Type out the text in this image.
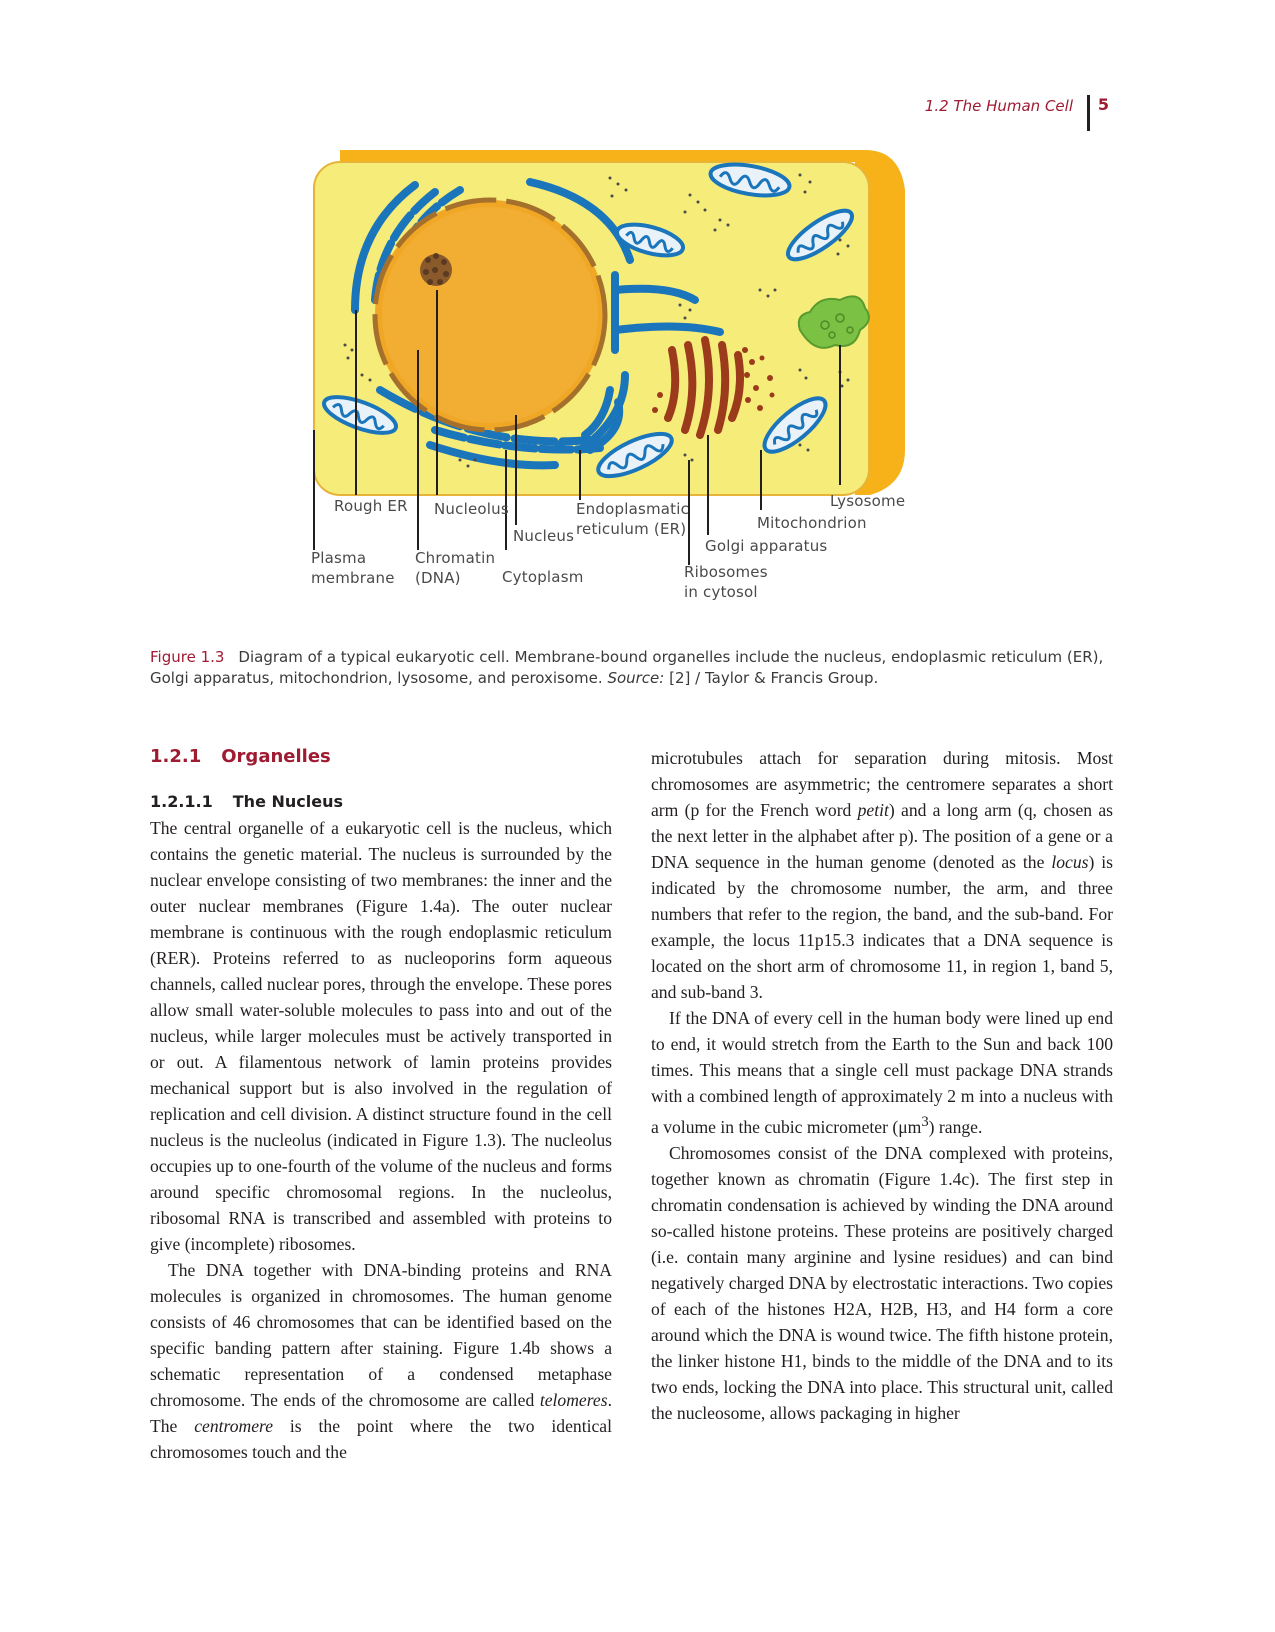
1.2 The Human Cell 5
Rough ER Nucleolus
Nucleus
Endoplasmatic
reticulum (ER)
Lysosome
Mitochondrion
Golgi apparatus
Plasma
membrane
Chromatin
(DNA)	Cytoplasm	Ribosomes
in cytosol
Figure 1.3 Diagram of a typical eukaryotic cell. Membrane-bound organelles include the nucleus, endoplasmic reticulum (ER), Golgi apparatus, mitochondrion, lysosome, and peroxisome. Source: [2] / Taylor & Francis Group.
1.2.1 Organelles
1.2.1.1 The Nucleus

The central organelle of a eukaryotic cell is the nucleus, which contains the genetic material. The nucleus is surrounded by the nuclear envelope consisting of two membranes: the inner and the outer nuclear membranes (Figure 1.4a). The outer nuclear membrane is continuous with the rough endoplasmic reticulum (RER). Proteins referred to as nucleoporins form aqueous channels, called nuclear pores, through the envelope. These pores allow small water-soluble molecules to pass into and out of the nucleus, while larger molecules must be actively transported in or out. A filamentous network of lamin proteins provides mechanical support but is also involved in the regulation of replication and cell division. A distinct structure found in the cell nucleus is the nucleolus (indicated in Figure 1.3). The nucleolus occupies up to one-fourth of the volume of the nucleus and forms around specific chromosomal regions. In the nucleolus, ribosomal RNA is transcribed and assembled with proteins to give (incomplete) ribosomes.

The DNA together with DNA-binding proteins and RNA molecules is organized in chromosomes. The human genome consists of 46 chromosomes that can be identified based on the specific banding pattern after staining. Figure 1.4b shows a schematic representation of a condensed metaphase chromosome. The ends of the chromosome are called telomeres. The centromere is the point where the two identical chromosomes touch and the

microtubules attach for separation during mitosis. Most chromosomes are asymmetric; the centromere separates a short arm (p for the French word petit) and a long arm (q, chosen as the next letter in the alphabet after p). The position of a gene or a DNA sequence in the human genome (denoted as the locus) is indicated by the chromosome number, the arm, and three numbers that refer to the region, the band, and the sub-band. For example, the locus 11p15.3 indicates that a DNA sequence is located on the short arm of chromosome 11, in region 1, band 5, and sub-band 3.

If the DNA of every cell in the human body were lined up end to end, it would stretch from the Earth to the Sun and back 100 times. This means that a single cell must package DNA strands with a combined length of approximately 2 m into a nucleus with a volume in the cubic micrometer $(\mu m^3)$ range.

Chromosomes consist of the DNA complexed with proteins, together known as chromatin (Figure 1.4c). The first step in chromatin condensation is achieved by winding the DNA around so-called histone proteins. These proteins are positively charged (i.e. contain many arginine and lysine residues) and can bind negatively charged DNA by electrostatic interactions. Two copies of each of the histones H2A, H2B, H3, and H4 form a core around which the DNA is wound twice. The fifth histone protein, the linker histone H1, binds to the middle of the DNA and to its two ends, locking the DNA into place. This structural unit, called the nucleosome, allows packaging in higher
